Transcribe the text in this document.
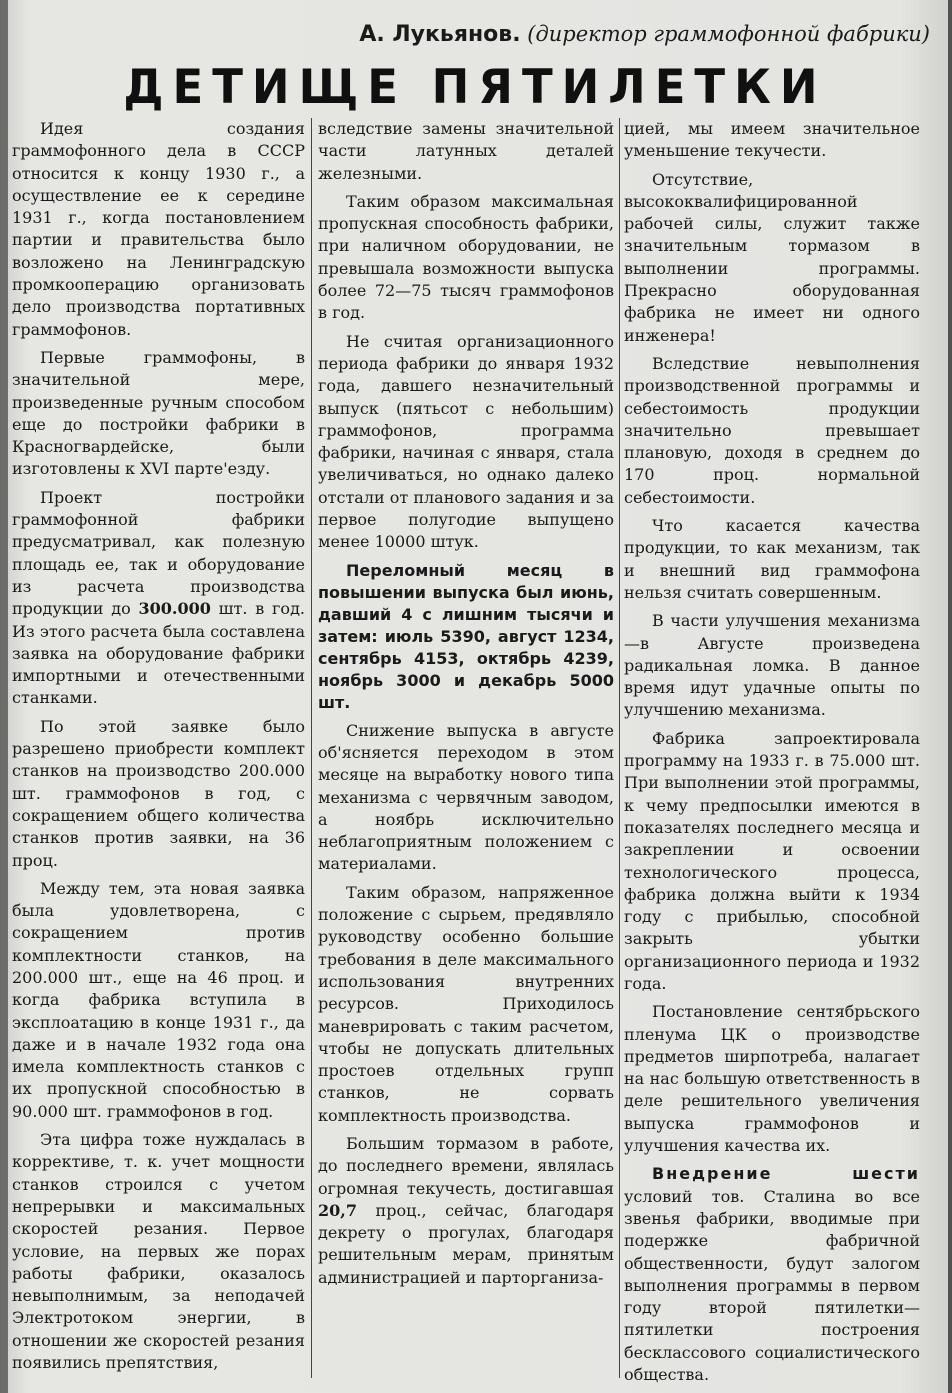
А. Лукьянов. (директор граммофонной фабрики)
ДЕТИЩЕ ПЯТИЛЕТКИ

Идея создания граммофонного дела в СССР относится к концу 1930 г., а осуществление ее к середине 1931 г., когда постановлением партии и правительства было возложено на Ленинградскую промкооперацию организовать дело производства портативных граммофонов.

Первые граммофоны, в значительной мере, произведенные ручным способом еще до постройки фабрики в Красногвардейске, были изготовлены к XVI парте'езду.

Проект постройки граммофонной фабрики предусматривал, как полезную площадь ее, так и оборудование из расчета производства продукции до 300.000 шт. в год. Из этого расчета была составлена заявка на оборудование фабрики импортными и отечественными станками.

По этой заявке было разрешено приобрести комплект станков на производство 200.000 шт. граммофонов в год, с сокращением общего количества станков против заявки, на 36 проц.

Между тем, эта новая заявка была удовлетворена, с сокращением против комплектности станков, на 200.000 шт., еще на 46 проц. и когда фабрика вступила в эксплоатацию в конце 1931 г., да даже и в начале 1932 года она имела комплектность станков с их пропускной способностью в 90.000 шт. граммофонов в год.

Эта цифра тоже нуждалась в коррективе, т. к. учет мощности станков строился с учетом непрерывки и максимальных скоростей резания. Первое условие, на первых же порах работы фабрики, оказалось невыполнимым, за неподачей Электротоком энергии, в отношении же скоростей резания появились препятствия,

вследствие замены значительной части латунных деталей железными.

Таким образом максимальная пропускная способность фабрики, при наличном оборудовании, не превышала возможности выпуска более 72—75 тысяч граммофонов в год.

Не считая организационного периода фабрики до января 1932 года, давшего незначительный выпуск (пятьсот с небольшим) граммофонов, программа фабрики, начиная с января, стала увеличиваться, но однако далеко отстали от планового задания и за первое полугодие выпущено менее 10000 штук.

Переломный месяц в повышении выпуска был июнь, давший 4 с лишним тысячи и затем: июль 5390, август 1234, сентябрь 4153, октябрь 4239, ноябрь 3000 и декабрь 5000 шт.

Снижение выпуска в августе об'ясняется переходом в этом месяце на выработку нового типа механизма с червячным заводом, а ноябрь исключительно неблагоприятным положением с материалами.

Таким образом, напряженное положение с сырьем, предявляло руководству особенно большие требования в деле максимального использования внутренних ресурсов. Приходилось маневрировать с таким расчетом, чтобы не допускать длительных простоев отдельных групп станков, не сорвать комплектность производства.

Большим тормазом в работе, до последнего времени, являлась огромная текучесть, достигавшая 20,7 проц., сейчас, благодаря декрету о прогулах, благодаря решительным мерам, принятым администрацией и парторганиза-

цией, мы имеем значительное уменьшение текучести.

Отсутствие, высококвалифицированной рабочей силы, служит также значительным тормазом в выполнении программы. Прекрасно оборудованная фабрика не имеет ни одного инженера!

Вследствие невыполнения производственной программы и себестоимость продукции значительно превышает плановую, доходя в среднем до 170 проц. нормальной себестоимости.

Что касается качества продукции, то как механизм, так и внешний вид граммофона нельзя считать совершенным.

В части улучшения механизма—в Августе произведена радикальная ломка. В данное время идут удачные опыты по улучшению механизма.

Фабрика запроектировала программу на 1933 г. в 75.000 шт. При выполнении этой программы, к чему предпосылки имеются в показателях последнего месяца и закреплении и освоении технологического процесса, фабрика должна выйти к 1934 году с прибылью, способной закрыть убытки организационного периода и 1932 года.

Постановление сентябрьского пленума ЦК о производстве предметов ширпотреба, налагает на нас большую ответственность в деле решительного увеличения выпуска граммофонов и улучшения качества их.

Внедрение шести условий тов. Сталина во все звенья фабрики, вводимые при подержке фабричной общественности, будут залогом выполнения программы в первом году второй пятилетки—пятилетки построения бесклассового социалистического общества.
